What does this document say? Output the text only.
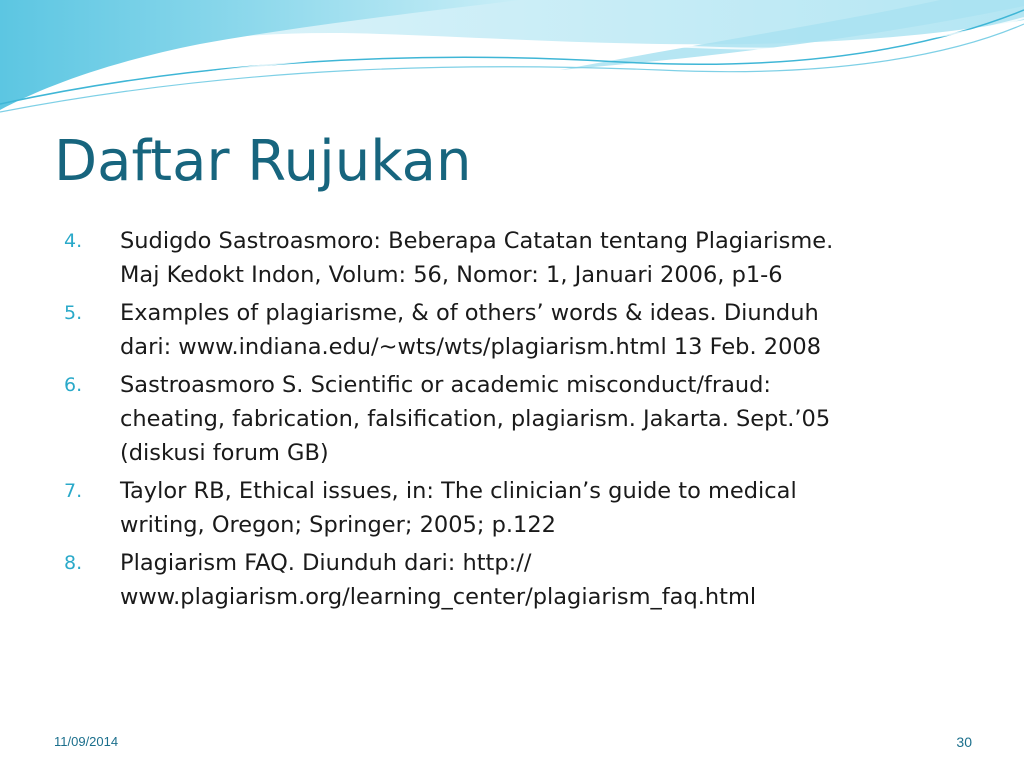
Daftar Rujukan
4.	Sudigdo Sastroasmoro: Beberapa Catatan tentang Plagiarisme.
Maj Kedokt Indon, Volum: 56, Nomor: 1, Januari 2006, p1-6
5.	Examples of plagiarisme, & of others’ words & ideas. Diunduh
dari: www.indiana.edu/~wts/wts/plagiarism.html 13 Feb. 2008
6.	Sastroasmoro S. Scientific or academic misconduct/fraud:
cheating, fabrication, falsification, plagiarism. Jakarta. Sept.’05
(diskusi forum GB)
7.	Taylor RB, Ethical issues, in: The clinician’s guide to medical
writing, Oregon; Springer; 2005; p.122
8.	Plagiarism FAQ. Diunduh dari: http://
www.plagiarism.org/learning_center/plagiarism_faq.html
11/09/2014	30
